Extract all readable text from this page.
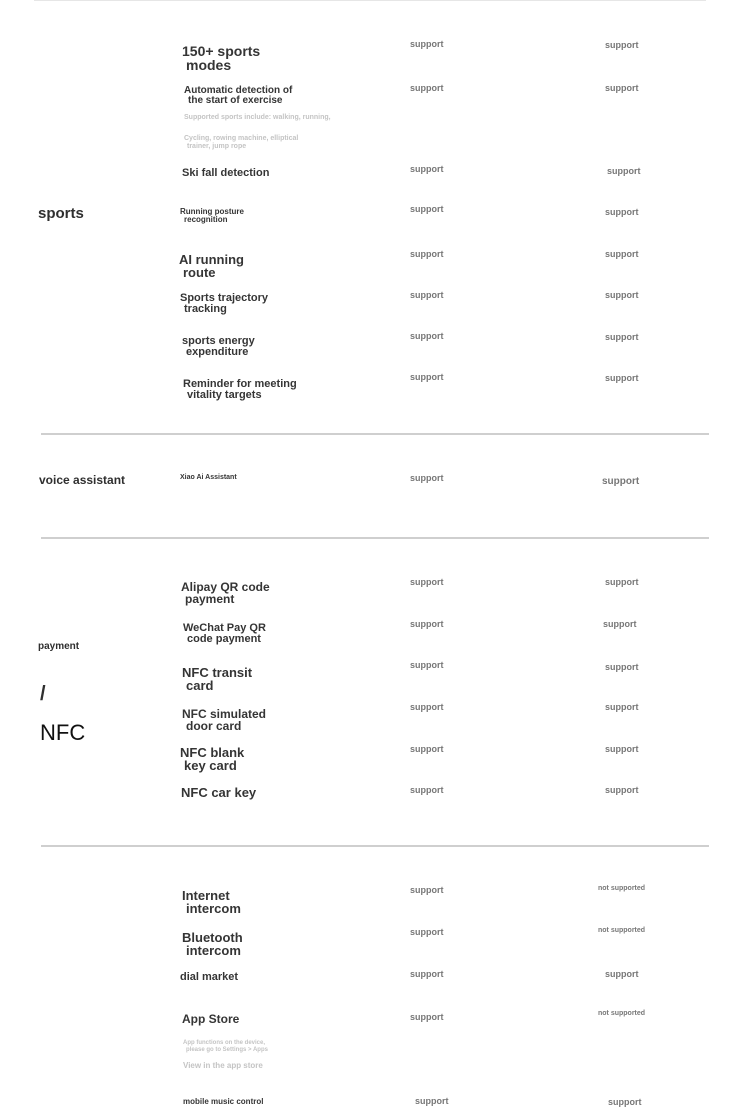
sports
150+ sports
modes
support	support
Automatic detection of
the start of exercise
support	support
Supported sports include: walking, running,
Cycling, rowing machine, elliptical
trainer, jump rope
Ski fall detection	support	support
Running posture
recognition
support	support
AI running
route
support	support
Sports trajectory
tracking
support	support
sports energy
expenditure
support	support
Reminder for meeting
vitality targets
support	support
voice assistant	Xiao Ai Assistant	support	support
payment
/
NFC
Alipay QR code
payment
support	support
WeChat Pay QR
code payment
support	support
NFC transit
card
support	support
NFC simulated
door card
support	support
NFC blank
key card
support	support
NFC car key	support	support
Internet
intercom
support	not supported
Bluetooth
intercom
support	not supported
dial market	support	support
App Store	support	not supported
App functions on the device,
please go to Settings > Apps
View in the app store
mobile music control	support	support
